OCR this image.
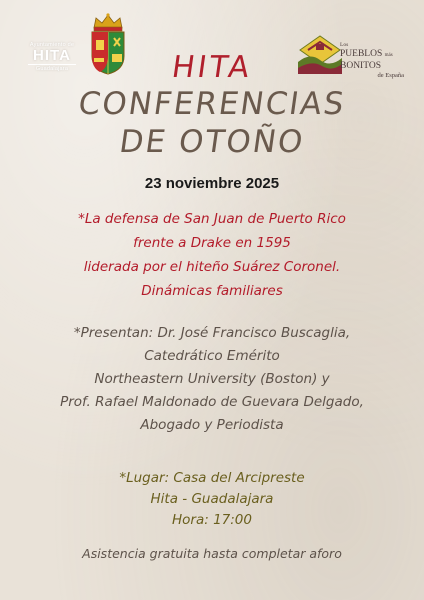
Ayuntamiento de
HITA
Guadalajara
Los
PUEBLOS más
BONITOS
de España
HITA
CONFERENCIAS
DE OTOÑO
23 noviembre 2025
*La defensa de San Juan de Puerto Rico
frente a Drake en 1595
liderada por el hiteño Suárez Coronel.
Dinámicas familiares
*Presentan: Dr. José Francisco Buscaglia,
Catedrático Emérito
Northeastern University (Boston) y
Prof. Rafael Maldonado de Guevara Delgado,
Abogado y Periodista
*Lugar: Casa del Arcipreste
Hita - Guadalajara
Hora: 17:00
Asistencia gratuita hasta completar aforo
